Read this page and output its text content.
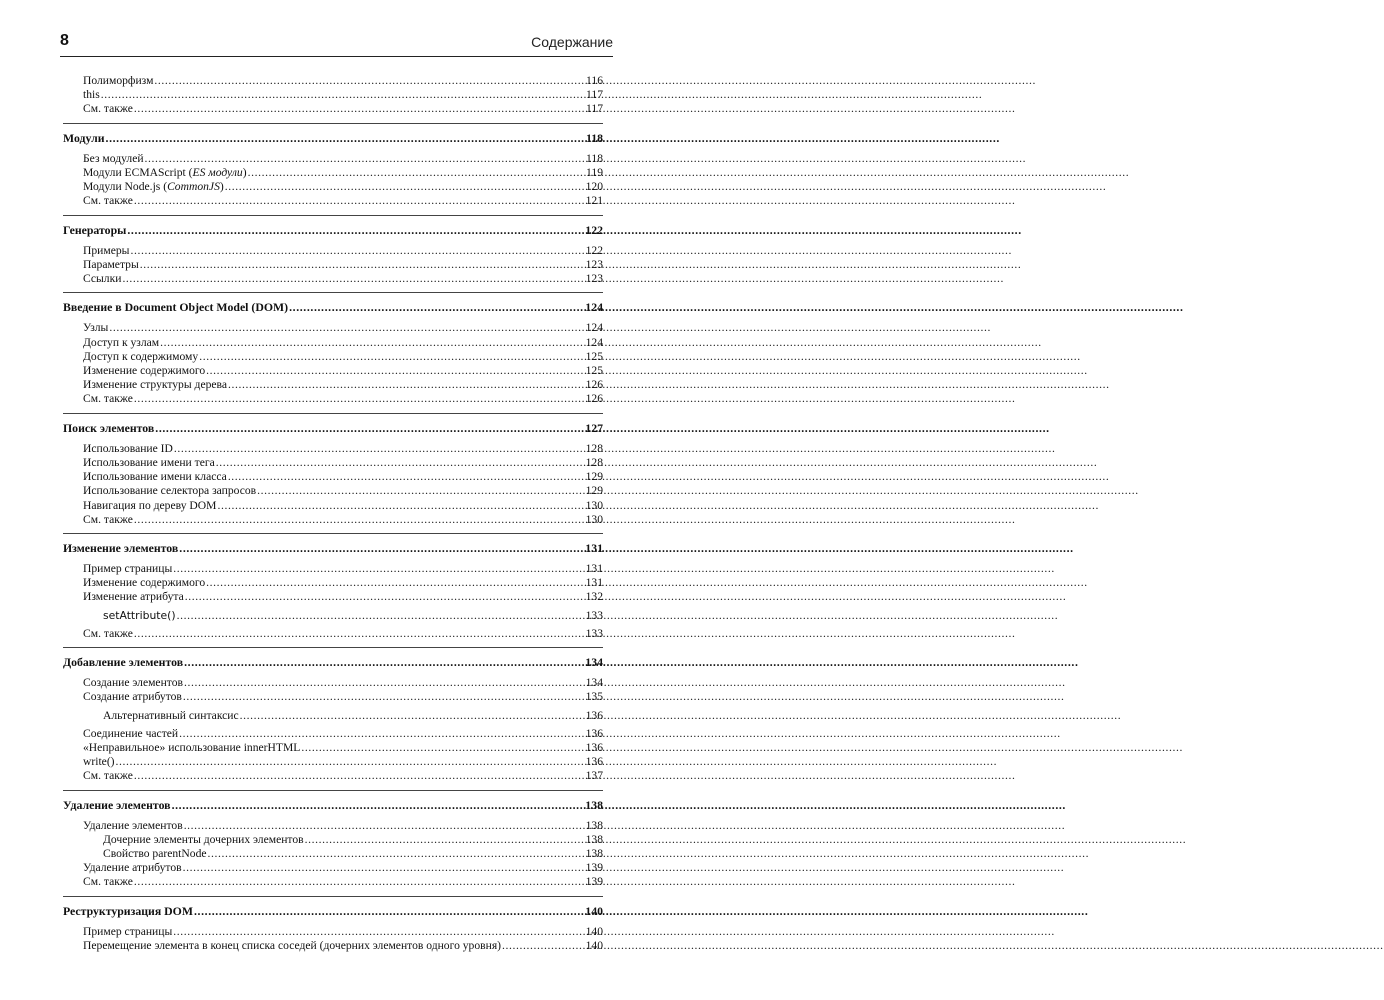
8	Содержание
Полиморфизм .....	116
this .....	117
См. также .....	117
Модули .....	118
Без модулей .....	118
Модули ECMAScript (ES модули) .....	119
Модули Node.js (CommonJS) .....	120
См. также .....	121
Генераторы .....	122
Примеры .....	122
Параметры .....	123
Ссылки .....	123
Введение в Document Object Model (DOM) .....	124
Узлы .....	124
Доступ к узлам .....	124
Доступ к содержимому .....	125
Изменение содержимого .....	125
Изменение структуры дерева .....	126
См. также .....	126
Поиск элементов .....	127
Использование ID .....	128
Использование имени тега .....	128
Использование имени класса .....	129
Использование селектора запросов .....	129
Навигация по дереву DOM .....	130
См. также .....	130
Изменение элементов .....	131
Пример страницы .....	131
Изменение содержимого .....	131
Изменение атрибута .....	132
setAttribute() .....	133
См. также .....	133
Добавление элементов .....	134
Создание элементов .....	134
Создание атрибутов .....	135
Альтернативный синтаксис .....	136
Соединение частей .....	136
«Неправильное» использование innerHTML .....	136
write() .....	136
См. также .....	137
Удаление элементов .....	138
Удаление элементов .....	138
Дочерние элементы дочерних элементов .....	138
Свойство parentNode .....	138
Удаление атрибутов .....	139
См. также .....	139
Реструктуризация DOM .....	140
Пример страницы .....	140
Перемещение элемента в конец списка соседей (дочерних элементов одного уровня) .....	140
